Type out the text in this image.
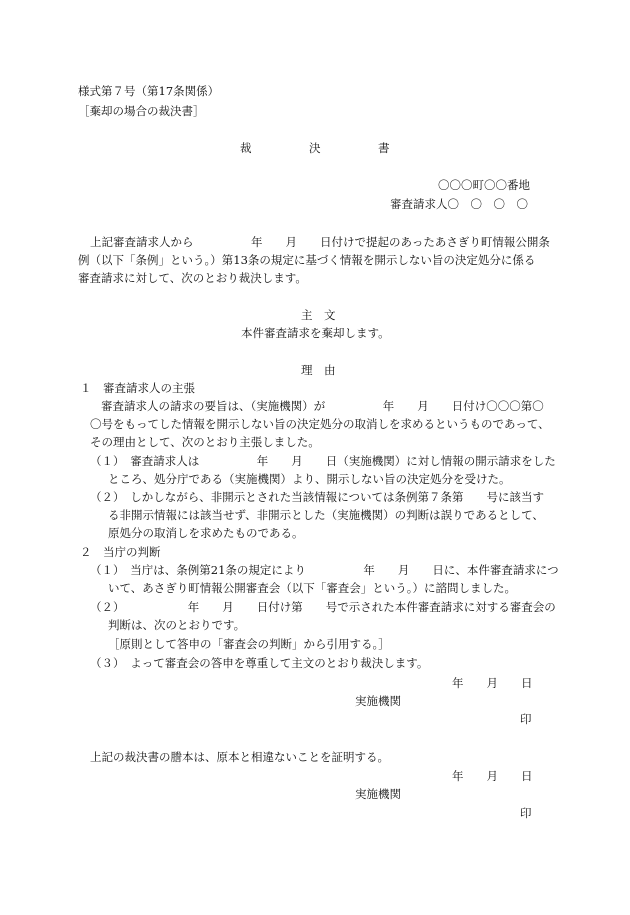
様式第７号（第17条関係）
［棄却の場合の裁決書］
裁　　　　　決　　　　　書
〇〇〇町〇〇番地
審査請求人〇　〇　〇　〇
上記審査請求人から　　　　　年　　月　　日付けで提起のあったあさぎり町情報公開条
例（以下「条例」という。）第13条の規定に基づく情報を開示しない旨の決定処分に係る
審査請求に対して、次のとおり裁決します。
主　文
本件審査請求を棄却します。
理　由
１　審査請求人の主張
審査請求人の請求の要旨は、（実施機関）が　　　　　年　　月　　日付け〇〇〇第〇
〇号をもってした情報を開示しない旨の決定処分の取消しを求めるというものであって、
その理由として、次のとおり主張しました。
（１）　審査請求人は　　　　　年　　月　　日（実施機関）に対し情報の開示請求をした
ところ、処分庁である（実施機関）より、開示しない旨の決定処分を受けた。
（２）　しかしながら、非開示とされた当該情報については条例第７条第　　号に該当す
る非開示情報には該当せず、非開示とした（実施機関）の判断は誤りであるとして、
原処分の取消しを求めたものである。
２　当庁の判断
（１）　当庁は、条例第21条の規定により　　　　　年　　月　　日に、本件審査請求につ
いて、あさぎり町情報公開審査会（以下「審査会」という。）に諮問しました。
（２）　　　　　　年　　月　　日付け第　　号で示された本件審査請求に対する審査会の
判断は、次のとおりです。
［原則として答申の「審査会の判断」から引用する。］
（３）　よって審査会の答申を尊重して主文のとおり裁決します。
年　　月　　日
実施機関
印
上記の裁決書の謄本は、原本と相違ないことを証明する。
年　　月　　日
実施機関
印
